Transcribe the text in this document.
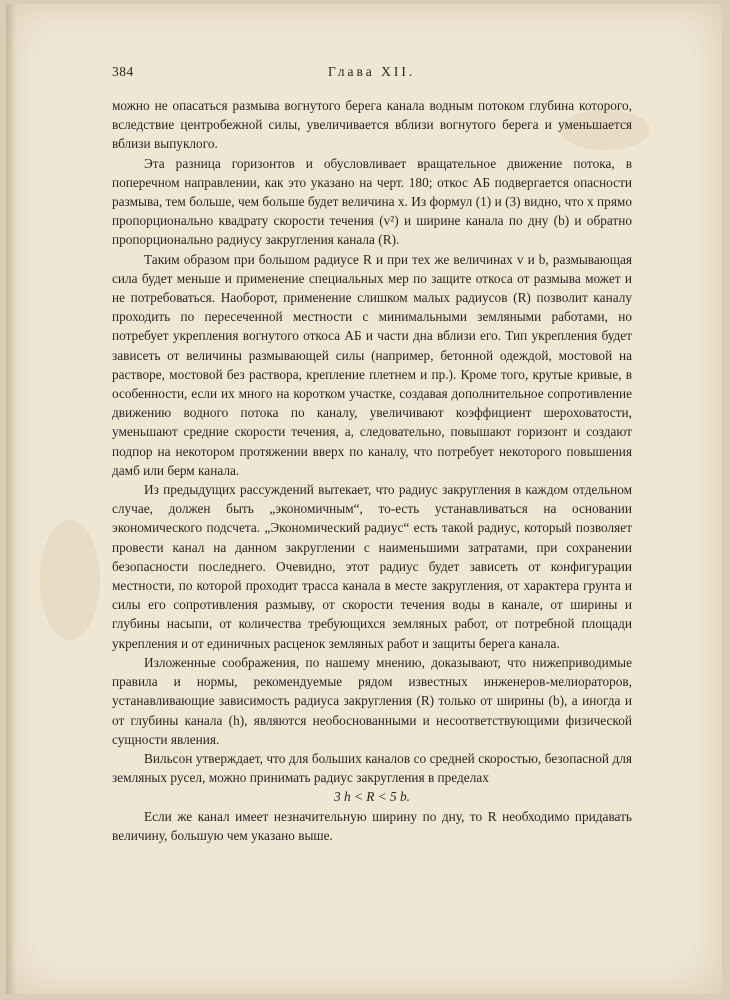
384	Глава XII.

можно не опасаться размыва вогнутого берега канала водным потоком глубина которого, вследствие центробежной силы, увеличивается вблизи вогнутого берега и уменьшается вблизи выпуклого.

Эта разница горизонтов и обусловливает вращательное движение потока, в поперечном направлении, как это указано на черт. 180; откос АБ подвергается опасности размыва, тем больше, чем больше будет величина x. Из формул (1) и (3) видно, что x прямо пропорционально квадрату скорости течения (v²) и ширине канала по дну (b) и обратно пропорционально радиусу закругления канала (R).

Таким образом при большом радиусе R и при тех же величинах v и b, размывающая сила будет меньше и применение специальных мер по защите откоса от размыва может и не потребоваться. Наоборот, применение слишком малых радиусов (R) позволит каналу проходить по пересеченной местности с минимальными земляными работами, но потребует укрепления вогнутого откоса АБ и части дна вблизи его. Тип укрепления будет зависеть от величины размывающей силы (например, бетонной одеждой, мостовой на растворе, мостовой без раствора, крепление плетнем и пр.). Кроме того, крутые кривые, в особенности, если их много на коротком участке, создавая дополнительное сопротивление движению водного потока по каналу, увеличивают коэффициент шероховатости, уменьшают средние скорости течения, а, следовательно, повышают горизонт и создают подпор на некотором протяжении вверх по каналу, что потребует некоторого повышения дамб или берм канала.

Из предыдущих рассуждений вытекает, что радиус закругления в каждом отдельном случае, должен быть „экономичным“, то-есть устанавливаться на основании экономического подсчета. „Экономический радиус“ есть такой радиус, который позволяет провести канал на данном закруглении с наименьшими затратами, при сохранении безопасности последнего. Очевидно, этот радиус будет зависеть от конфигурации местности, по которой проходит трасса канала в месте закругления, от характера грунта и силы его сопротивления размыву, от скорости течения воды в канале, от ширины и глубины насыпи, от количества требующихся земляных работ, от потребной площади укрепления и от единичных расценок земляных работ и защиты берега канала.

Изложенные соображения, по нашему мнению, доказывают, что нижеприводимые правила и нормы, рекомендуемые рядом известных инженеров-мелиораторов, устанавливающие зависимость радиуса закругления (R) только от ширины (b), а иногда и от глубины канала (h), являются необоснованными и несоответствующими физической сущности явления.

Вильсон утверждает, что для больших каналов со средней скоростью, безопасной для земляных русел, можно принимать радиус закругления в пределах

3 h < R < 5 b.

Если же канал имеет незначительную ширину по дну, то R необходимо придавать величину, большую чем указано выше.
